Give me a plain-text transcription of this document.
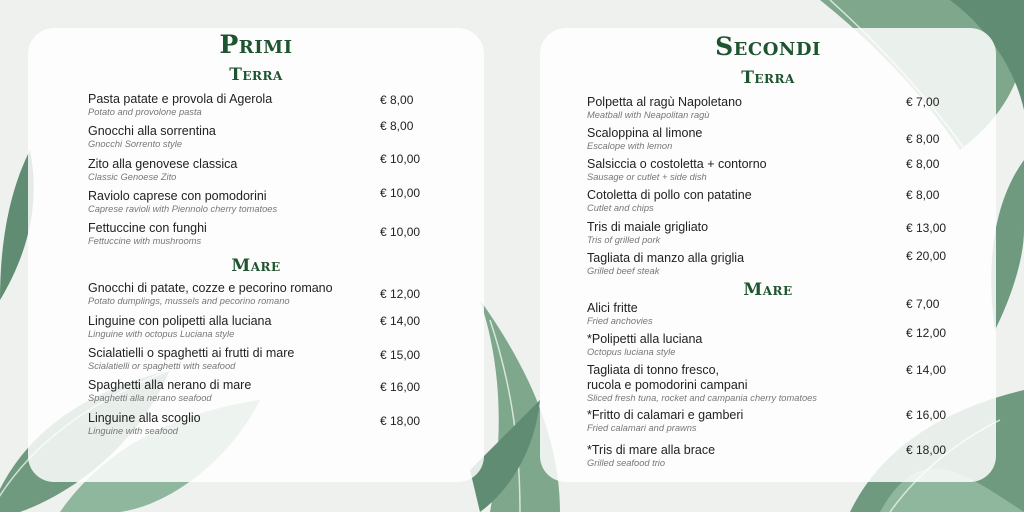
Primi
Terra
Pasta patate e provola di Agerola
Potato and provolone pasta
€ 8,00
Gnocchi alla sorrentina
Gnocchi Sorrento style
€ 8,00
Zito alla genovese classica
Classic Genoese Zito
€ 10,00
Raviolo caprese con pomodorini
Caprese ravioli with Piennolo cherry tomatoes
€ 10,00
Fettuccine con funghi
Fettuccine with mushrooms
€ 10,00
Mare
Gnocchi di patate, cozze e pecorino romano
Potato dumplings, mussels and pecorino romano	€ 12,00
Linguine con polipetti alla luciana
Linguine with octopus Luciana style
€ 14,00
Scialatielli o spaghetti ai frutti di mare
Scialatielli or spaghetti with seafood
€ 15,00
Spaghetti alla nerano di mare
Spaghetti alla nerano seafood
€ 16,00
Linguine alla scoglio
Linguine with seafood
€ 18,00
Secondi
Terra
Polpetta al ragù Napoletano
Meatball with Neapolitan ragù
€ 7,00
Scaloppina al limone
Escalope with lemon	€ 8,00
Salsiccia o costoletta + contorno
Sausage or cutlet + side dish
€ 8,00
Cotoletta di pollo con patatine
Cutlet and chips
€ 8,00
Tris di maiale grigliato
Tris of grilled pork
€ 13,00
Tagliata di manzo alla griglia
Grilled beef steak
€ 20,00
Mare
Alici fritte
Fried anchovies
€ 7,00
*Polipetti alla luciana
Octopus luciana style
€ 12,00
Tagliata di tonno fresco,
rucola e pomodorini campani
Sliced fresh tuna, rocket and campania cherry tomatoes
€ 14,00
*Fritto di calamari e gamberi
Fried calamari and prawns
€ 16,00
*Tris di mare alla brace
Grilled seafood trio
€ 18,00
